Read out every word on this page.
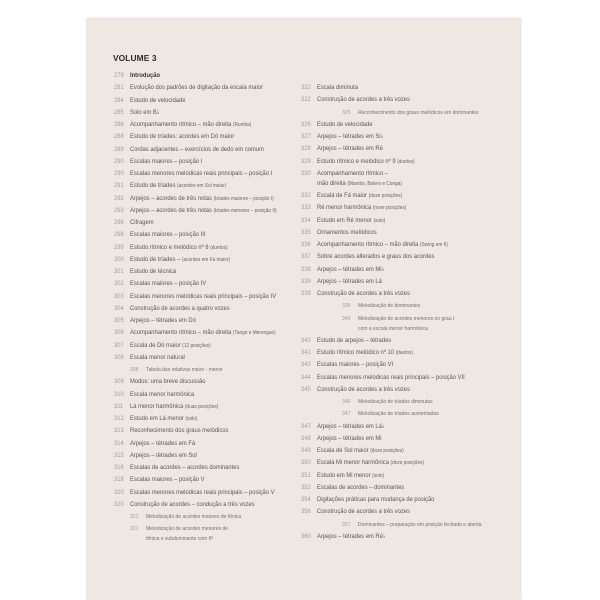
VOLUME 3
279 Introdução
281 Evolução dos padrões de digitação da escala maior
284 Estudo de velocidade
285 Solo em B♭
286 Acompanhamento rítmico – mão direita (Rumba)
288 Estudo de tríades: acordes em Dó maior
289 Cordas adjacentes – exercícios de dedo em comum
290 Escalas maiores – posição I
290 Escalas menores melódicas reais principais – posição I
291 Estudo de tríades (acordes em Sol maior)
292 Arpejos – acordes de três notas (tríades maiores – posição I)
293 Arpejos – acordes de três notas (tríades menores – posição II)
296 Cifragem
298 Escalas maiores – posição III
299 Estudo rítmico e melódico nº 8 (duetos)
300 Estudo de tríades – (acordes em Fá maior)
301 Estudo de técnica
302 Escalas maiores – posição IV
303 Escalas menores melódicas reais principais – posição IV
304 Construção de acordes a quatro vozes
305 Arpejos – tétrades em Dó
306 Acompanhamento rítmico – mão direita (Tango e Merengue)
307 Escala de Dó maior (12 posições)
308 Escala menor natural
308	Tabela das relativas maior - menor
309 Modos: uma breve discussão
310 Escala menor harmônica
311	Lá menor harmônica (duas posições)
312 Estudo em Lá menor (solo)
313 Reconhecimento dos graus melódicos
314 Arpejos – tétrades em Fá
315 Arpejos – tétrades em Sol
316 Escalas de acordes – acordes dominantes
318 Escalas maiores – posição V
320 Escalas menores melódicas reais principais – posição V
320 Construção de acordes – condução a três vozes
321	Melodização de acordes maiores de tônica
321	Melodização de acordes menores de
tônica e subdominante com 6ª
322 Escala diminuta
322 Construção de acordes a três vozes
325	Reconhecimento dos graus melódicos em dominantes
326 Estudo de velocidade
327 Arpejos – tétrades em Si♭
328 Arpejos – tétrades em Ré
329 Estudo rítmico e melódico nº 9 (duetos)
330 Acompanhamento rítmico –
mão direita (Mambo, Bolero e Conga)
332 Escala de Fá maior (doze posições)
333 Ré menor harmônica (nove posições)
334 Estudo em Ré menor (solo)
335 Ornamentos melódicos
336 Acompanhamento rítmico – mão direita (Swing em ¢)
337 Sobre acordes alterados e graus dos acordes
338 Arpejos – tétrades em Mi♭
339 Arpejos – tétrades em Lá
339 Construção de acordes a três vozes
339	Melodização de dominantes
340	Melodização de acordes menores no grau I
com a escala menor harmônica
340 Estudo de arpejos – tétrades
341 Estudo rítmico melódico nº 10 (duetos)
342 Escalas maiores – posição VI
344 Escalas menores melódicas reais principais – posição VII
345 Construção de acordes a três vozes
346	Melodização de tríades diminutas
347	Melodização de tríades aumentadas
347 Arpejos – tétrades em Lá♭
348 Arpejos – tétrades em Mi
349 Escala de Sol maior (doze posições)
350 Escala Mi menor harmônica (doze posições)
351 Estudo em Mi menor (solo)
352 Escalas de acordes – dominantes
354 Digitações práticas para mudança de posição
356 Construção de acordes a três vozes
357	Dominantes – preparação em posição fechada e aberta
360 Arpejos – tétrades em Ré♭
